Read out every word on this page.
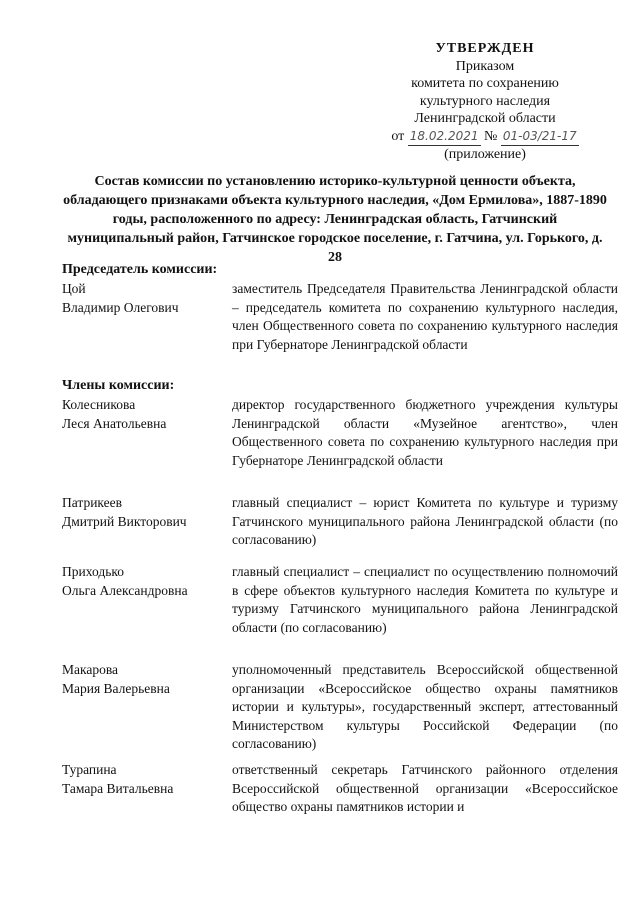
УТВЕРЖДЕН
Приказом
комитета по сохранению
культурного наследия
Ленинградской области
от 18.02.2021 № 01-03/21-17
(приложение)
Состав комиссии по установлению историко-культурной ценности объекта, обладающего признаками объекта культурного наследия, «Дом Ермилова», 1887-1890 годы, расположенного по адресу: Ленинградская область, Гатчинский муниципальный район, Гатчинское городское поселение, г. Гатчина, ул. Горького, д. 28
Председатель комиссии:
Цой
Владимир Олегович
заместитель Председателя Правительства Ленинградской области – председатель комитета по сохранению культурного наследия, член Общественного совета по сохранению культурного наследия при Губернаторе Ленинградской области
Члены комиссии:
Колесникова
Леся Анатольевна
директор государственного бюджетного учреждения культуры Ленинградской области «Музейное агентство», член Общественного совета по сохранению культурного наследия при Губернаторе Ленинградской области
Патрикеев
Дмитрий Викторович
главный специалист – юрист Комитета по культуре и туризму Гатчинского муниципального района Ленинградской области (по согласованию)
Приходько
Ольга Александровна
главный специалист – специалист по осуществлению полномочий в сфере объектов культурного наследия Комитета по культуре и туризму Гатчинского муниципального района Ленинградской области (по согласованию)
Макарова
Мария Валерьевна
уполномоченный представитель Всероссийской общественной организации «Всероссийское общество охраны памятников истории и культуры», государственный эксперт, аттестованный Министерством культуры Российской Федерации (по согласованию)
Турапина
Тамара Витальевна
ответственный секретарь Гатчинского районного отделения Всероссийской общественной организации «Всероссийское общество охраны памятников истории и
